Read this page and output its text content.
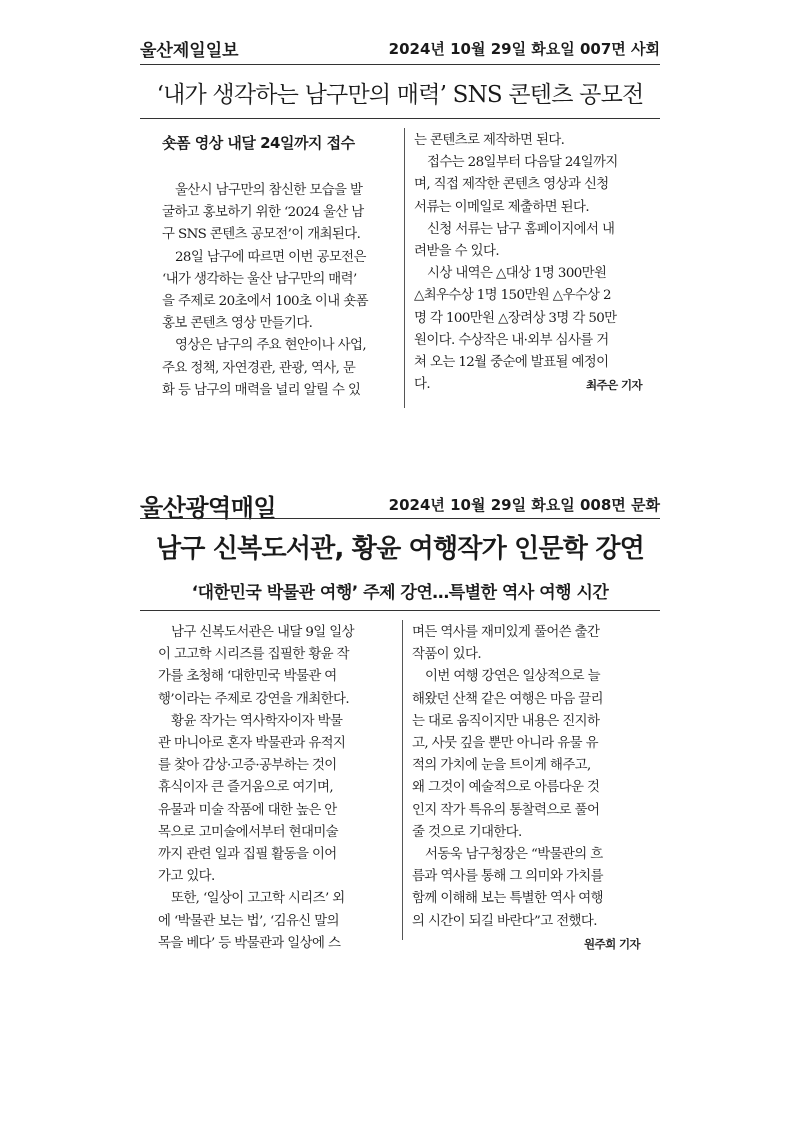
울산제일일보	2024년 10월 29일 화요일 007면 사회
‘내가 생각하는 남구만의 매력’ SNS 콘텐츠 공모전
숏폼 영상 내달 24일까지 접수

울산시 남구만의 참신한 모습을 발

굴하고 홍보하기 위한 ‘2024 울산 남

구 SNS 콘텐츠 공모전’이 개최된다.

28일 남구에 따르면 이번 공모전은

‘내가 생각하는 울산 남구만의 매력’

을 주제로 20초에서 100초 이내 숏폼

홍보 콘텐츠 영상 만들기다.

영상은 남구의 주요 현안이나 사업,

주요 정책, 자연경관, 관광, 역사, 문

화 등 남구의 매력을 널리 알릴 수 있

는 콘텐츠로 제작하면 된다.

접수는 28일부터 다음달 24일까지

며, 직접 제작한 콘텐츠 영상과 신청

서류는 이메일로 제출하면 된다.

신청 서류는 남구 홈페이지에서 내

려받을 수 있다.

시상 내역은 △대상 1명 300만원

△최우수상 1명 150만원 △우수상 2

명 각 100만원 △장려상 3명 각 50만

원이다. 수상작은 내·외부 심사를 거

쳐 오는 12월 중순에 발표될 예정이

다.	최주은 기자

울산광역매일	2024년 10월 29일 화요일 008면 문화
남구 신복도서관, 황윤 여행작가 인문학 강연
‘대한민국 박물관 여행’ 주제 강연…특별한 역사 여행 시간

남구 신복도서관은 내달 9일 일상

이 고고학 시리즈를 집필한 황윤 작

가를 초청해 ‘대한민국 박물관 여

행’이라는 주제로 강연을 개최한다.

황윤 작가는 역사학자이자 박물

관 마니아로 혼자 박물관과 유적지

를 찾아 감상·고증·공부하는 것이

휴식이자 큰 즐거움으로 여기며,

유물과 미술 작품에 대한 높은 안

목으로 고미술에서부터 현대미술

까지 관련 일과 집필 활동을 이어

가고 있다.

또한, ‘일상이 고고학 시리즈’ 외

에 ‘박물관 보는 법’, ‘김유신 말의

목을 베다’ 등 박물관과 일상에 스

며든 역사를 재미있게 풀어쓴 출간

작품이 있다.

이번 여행 강연은 일상적으로 늘

해왔던 산책 같은 여행은 마음 끌리

는 대로 움직이지만 내용은 진지하

고, 사뭇 깊을 뿐만 아니라 유물 유

적의 가치에 눈을 트이게 해주고,

왜 그것이 예술적으로 아름다운 것

인지 작가 특유의 통찰력으로 풀어

줄 것으로 기대한다.

서동욱 남구청장은 “박물관의 흐

름과 역사를 통해 그 의미와 가치를

함께 이해해 보는 특별한 역사 여행

의 시간이 되길 바란다”고 전했다.

원주희 기자
